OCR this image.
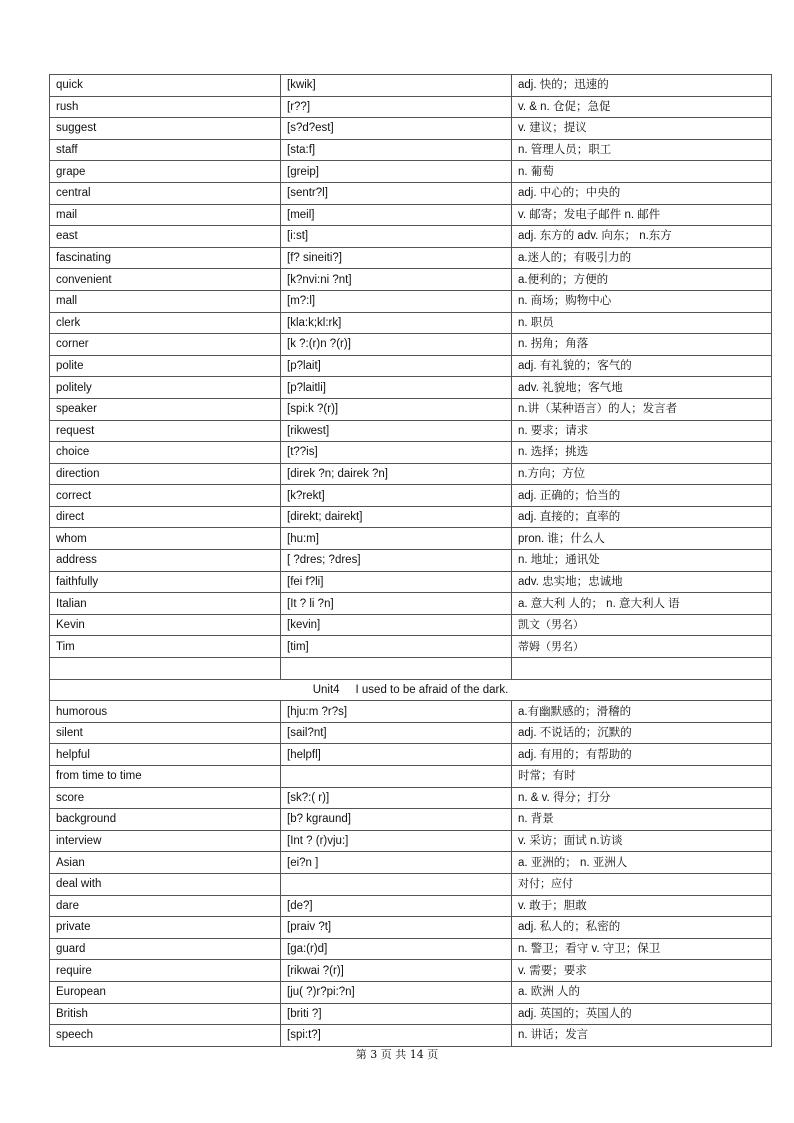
quick	[kwik]	adj. 快的；迅速的
rush	[r??]	v. & n. 仓促；急促
suggest	[s?d?est]	v. 建议；提议
staff	[sta:f]	n. 管理人员；职工
grape	[greip]	n. 葡萄
central	[sentr?l]	adj. 中心的；中央的
mail	[meil]	v. 邮寄；发电子邮件 n. 邮件
east	[i:st]	adj. 东方的 adv. 向东； n.东方
fascinating	[f? sineiti?]	a.迷人的；有吸引力的
convenient	[k?nvi:ni ?nt]	a.便利的；方便的
mall	[m?:l]	n. 商场；购物中心
clerk	[kla:k;kl:rk]	n. 职员
corner	[k ?:(r)n ?(r)]	n. 拐角；角落
polite	[p?lait]	adj. 有礼貌的；客气的
politely	[p?laitli]	adv. 礼貌地；客气地
speaker	[spi:k ?(r)]	n.讲（某种语言）的人；发言者
request	[rikwest]	n. 要求；请求
choice	[t??is]	n. 选择；挑选
direction	[direk ?n; dairek ?n]	n.方向；方位
correct	[k?rekt]	adj. 正确的；恰当的
direct	[direkt; dairekt]	adj. 直接的；直率的
whom	[hu:m]	pron. 谁；什么人
address	[ ?dres; ?dres]	n. 地址；通讯处
faithfully	[fei f?li]	adv. 忠实地；忠诚地
Italian	[It ? li ?n]	a. 意大利 人的； n. 意大利人 语
Kevin	[kevin]	凯文（男名）
Tim	[tim]	蒂姆（男名）

Unit4     I used to be afraid of the dark.		
humorous	[hju:m ?r?s]	a.有幽默感的；滑稽的
silent	[sail?nt]	adj. 不说话的；沉默的
helpful	[helpfl]	adj. 有用的；有帮助的
from time to time		时常；有时
score	[sk?:( r)]	n. & v. 得分；打分
background	[b? kgraund]	n. 背景
interview	[Int ? (r)vju:]	v. 采访；面试 n.访谈
Asian	[ei?n ]	a. 亚洲的； n. 亚洲人
deal with		对付；应付
dare	[de?]	v. 敢于；胆敢
private	[praiv ?t]	adj. 私人的；私密的
guard	[ga:(r)d]	n. 警卫；看守 v. 守卫；保卫
require	[rikwai ?(r)]	v. 需要；要求
European	[ju( ?)r?pi:?n]	a. 欧洲 人的
British	[briti ?]	adj. 英国的；英国人的
speech	[spi:t?]	n. 讲话；发言
第 3 页 共 14 页
